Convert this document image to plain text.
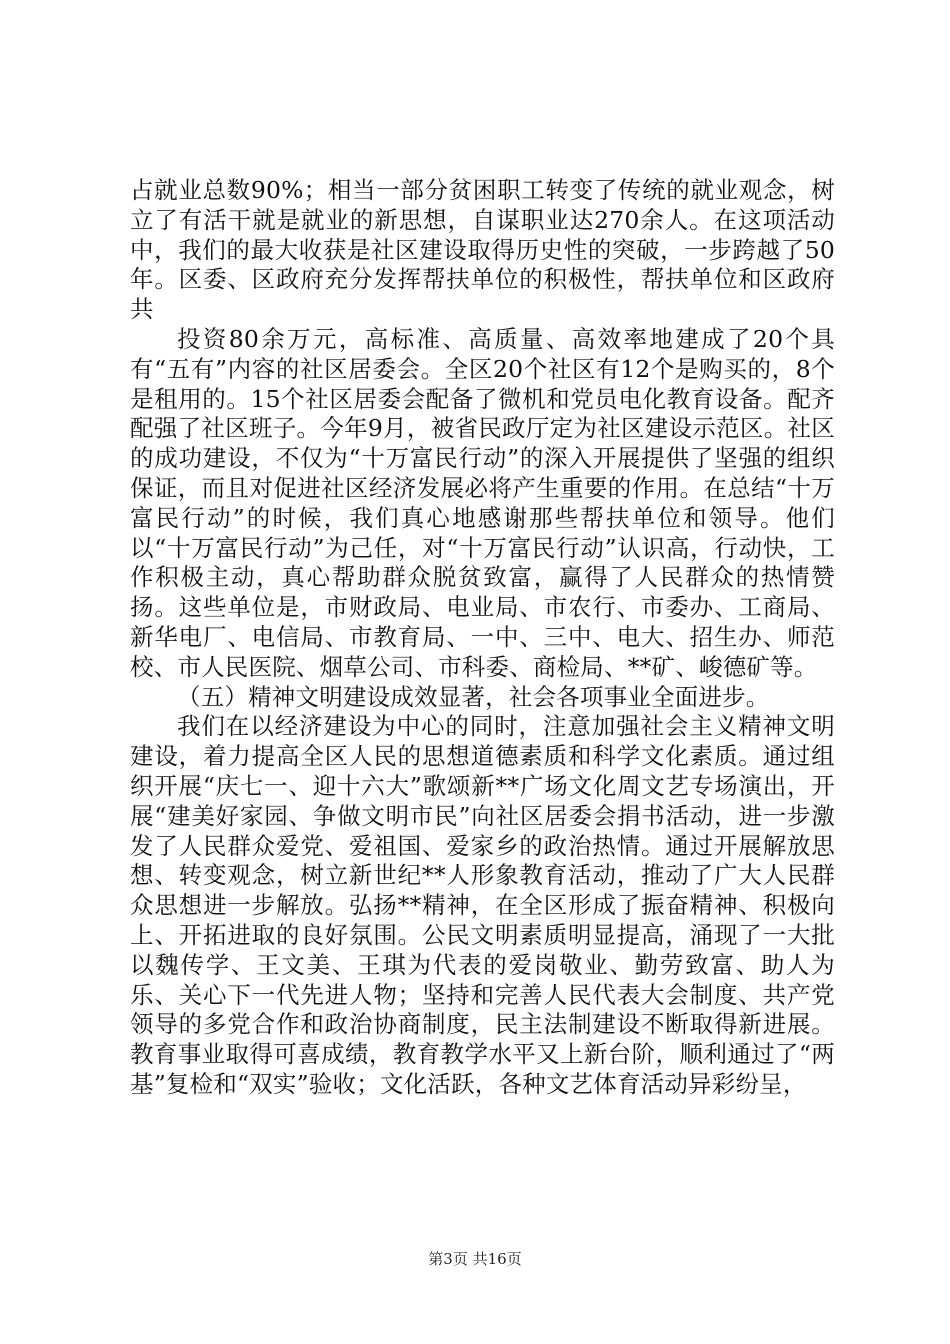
占就业总数90%；相当一部分贫困职工转变了传统的就业观念，树立了有活干就是就业的新思想，自谋职业达270余人。在这项活动中，我们的最大收获是社区建设取得历史性的突破，一步跨越了50年。区委、区政府充分发挥帮扶单位的积极性，帮扶单位和区政府共

投资80余万元，高标准、高质量、高效率地建成了20个具有“五有”内容的社区居委会。全区20个社区有12个是购买的，8个是租用的。15个社区居委会配备了微机和党员电化教育设备。配齐配强了社区班子。今年9月，被省民政厅定为社区建设示范区。社区的成功建设，不仅为“十万富民行动”的深入开展提供了坚强的组织保证，而且对促进社区经济发展必将产生重要的作用。在总结“十万富民行动”的时候，我们真心地感谢那些帮扶单位和领导。他们以“十万富民行动”为己任，对“十万富民行动”认识高，行动快，工作积极主动，真心帮助群众脱贫致富，赢得了人民群众的热情赞扬。这些单位是，市财政局、电业局、市农行、市委办、工商局、新华电厂、电信局、市教育局、一中、三中、电大、招生办、师范校、市人民医院、烟草公司、市科委、商检局、**矿、峻德矿等。

（五）精神文明建设成效显著，社会各项事业全面进步。

我们在以经济建设为中心的同时，注意加强社会主义精神文明建设，着力提高全区人民的思想道德素质和科学文化素质。通过组织开展“庆七一、迎十六大”歌颂新**广场文化周文艺专场演出，开展“建美好家园、争做文明市民”向社区居委会捐书活动，进一步激发了人民群众爱党、爱祖国、爱家乡的政治热情。通过开展解放思想、转变观念，树立新世纪**人形象教育活动，推动了广大人民群众思想进一步解放。弘扬**精神，在全区形成了振奋精神、积极向上、开拓进取的良好氛围。公民文明素质明显提高，涌现了一大批以魏传学、王文美、王琪为代表的爱岗敬业、勤劳致富、助人为乐、关心下一代先进人物；坚持和完善人民代表大会制度、共产党领导的多党合作和政治协商制度，民主法制建设不断取得新进展。教育事业取得可喜成绩，教育教学水平又上新台阶，顺利通过了“两基”复检和“双实”验收；文化活跃，各种文艺体育活动异彩纷呈，

第3页 共16页
